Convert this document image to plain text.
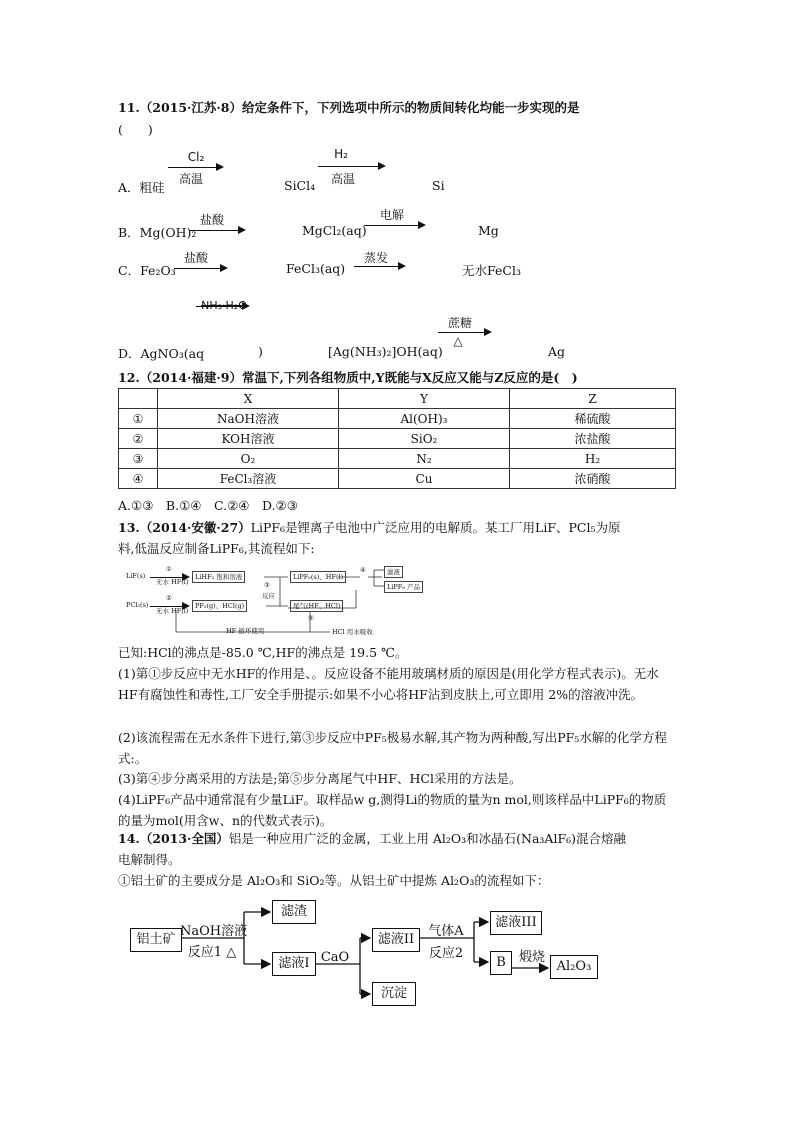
11.（2015·江苏·8）给定条件下，下列选项中所示的物质间转化均能一步实现的是
(　　)
A．粗硅
Cl₂
高温	SiCl₄
H₂
高温	Si
B．Mg(OH)₂
盐酸
MgCl₂(aq)
电解
Mg
C．Fe₂O₃
盐酸
FeCl₃(aq)
蒸发
无水FeCl₃
NH₃·H₂O
D．AgNO₃(aq	)	[Ag(NH₃)₂]OH(aq)
蔗糖
△
Ag
12.（2014·福建·9）常温下,下列各组物质中,Y既能与X反应又能与Z反应的是(　)
	X	Y	Z
①	NaOH溶液	Al(OH)₃	稀硫酸
②	KOH溶液	SiO₂	浓盐酸
③	O₂	N₂	H₂
④	FeCl₃溶液	Cu	浓硝酸
A.①③　B.①④　C.②④　D.②③
13.（2014·安徽·27）LiPF₆是锂离子电池中广泛应用的电解质。某工厂用LiF、PCl₅为原
料,低温反应制备LiPF₆,其流程如下:
LiF(s)
PCl₅(s)
①
无水 HF(l)
②
无水 HF(l)
LiHF₂ 饱和溶液
PF₅(g)、HCl(g)
③
反应
LiPF₆(s)、HF(l)
尾气(HF、HCl)
④	滤液
LiPF₆ 产品
⑤
HF 循环使用	HCl 用水吸收
已知:HCl的沸点是-85.0 ℃,HF的沸点是 19.5 ℃。
(1)第①步反应中无水HF的作用是、。反应设备不能用玻璃材质的原因是(用化学方程式表示)。无水HF有腐蚀性和毒性,工厂安全手册提示:如果不小心将HF沾到皮肤上,可立即用 2%的溶液冲洗。
(2)该流程需在无水条件下进行,第③步反应中PF₅极易水解,其产物为两种酸,写出PF₅水解的化学方程式:。
(3)第④步分离采用的方法是;第⑤步分离尾气中HF、HCl采用的方法是。
(4)LiPF₆产品中通常混有少量LiF。取样品w g,测得Li的物质的量为n mol,则该样品中LiPF₆的物质的量为mol(用含w、n的代数式表示)。
14.（2013·全国）铝是一种应用广泛的金属，工业上用 Al₂O₃和冰晶石(Na₃AlF₆)混合熔融
电解制得。
①铝土矿的主要成分是 Al₂O₃和 SiO₂等。从铝土矿中提炼 Al₂O₃的流程如下：
铝土矿
NaOH溶液
反应1 △
滤渣
滤液I CaO
滤液II
沉淀
气体A
反应2
滤液III
B	煅烧
Al₂O₃
